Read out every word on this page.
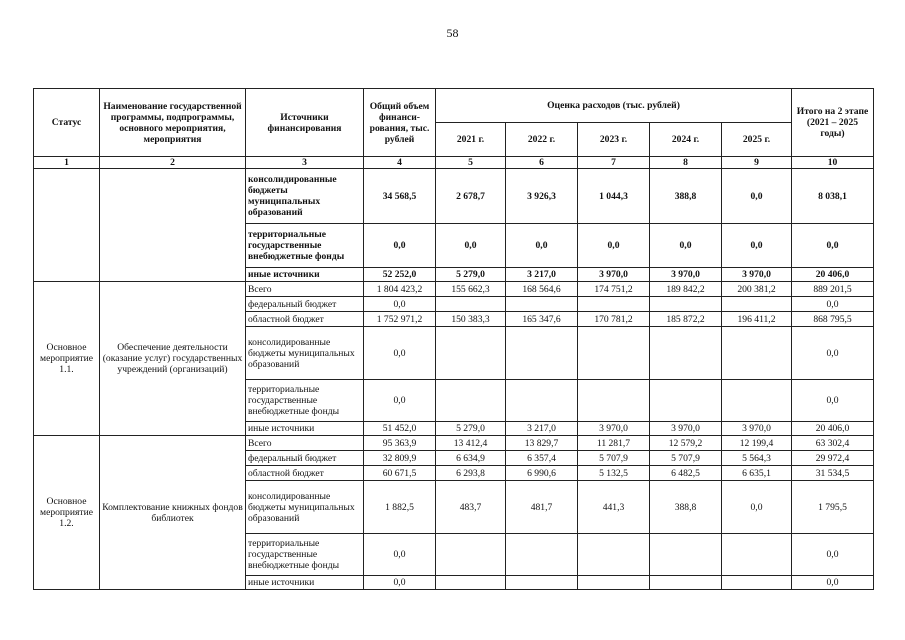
58
Статус	Наименование государственной программы, подпрограммы, основного мероприятия, мероприятия	Источники финансирования	Общий объем финанси-рования, тыс. рублей	Оценка расходов (тыс. рублей)					Итого на 2 этапе (2021 – 2025 годы)
				2021 г.	2022 г.	2023 г.	2024 г.	2025 г.	
1	2	3	4	5	6	7	8	9	10
		консолидированные бюджеты муниципальных образований	34 568,5	2 678,7	3 926,3	1 044,3	388,8	0,0	8 038,1
		территориальные государственные внебюджетные фонды	0,0	0,0	0,0	0,0	0,0	0,0	0,0
		иные источники	52 252,0	5 279,0	3 217,0	3 970,0	3 970,0	3 970,0	20 406,0
Основное мероприятие 1.1.	Обеспечение деятельности (оказание услуг) государственных учреждений (организаций)	Всего	1 804 423,2	155 662,3	168 564,6	174 751,2	189 842,2	200 381,2	889 201,5
		федеральный бюджет	0,0						0,0
		областной бюджет	1 752 971,2	150 383,3	165 347,6	170 781,2	185 872,2	196 411,2	868 795,5
		консолидированные бюджеты муниципальных образований	0,0						0,0
		территориальные государственные внебюджетные фонды	0,0						0,0
		иные источники	51 452,0	5 279,0	3 217,0	3 970,0	3 970,0	3 970,0	20 406,0
Основное мероприятие 1.2.	Комплектование книжных фондов библиотек	Всего	95 363,9	13 412,4	13 829,7	11 281,7	12 579,2	12 199,4	63 302,4
		федеральный бюджет	32 809,9	6 634,9	6 357,4	5 707,9	5 707,9	5 564,3	29 972,4
		областной бюджет	60 671,5	6 293,8	6 990,6	5 132,5	6 482,5	6 635,1	31 534,5
		консолидированные бюджеты муниципальных образований	1 882,5	483,7	481,7	441,3	388,8	0,0	1 795,5
		территориальные государственные внебюджетные фонды	0,0						0,0
		иные источники	0,0						0,0
